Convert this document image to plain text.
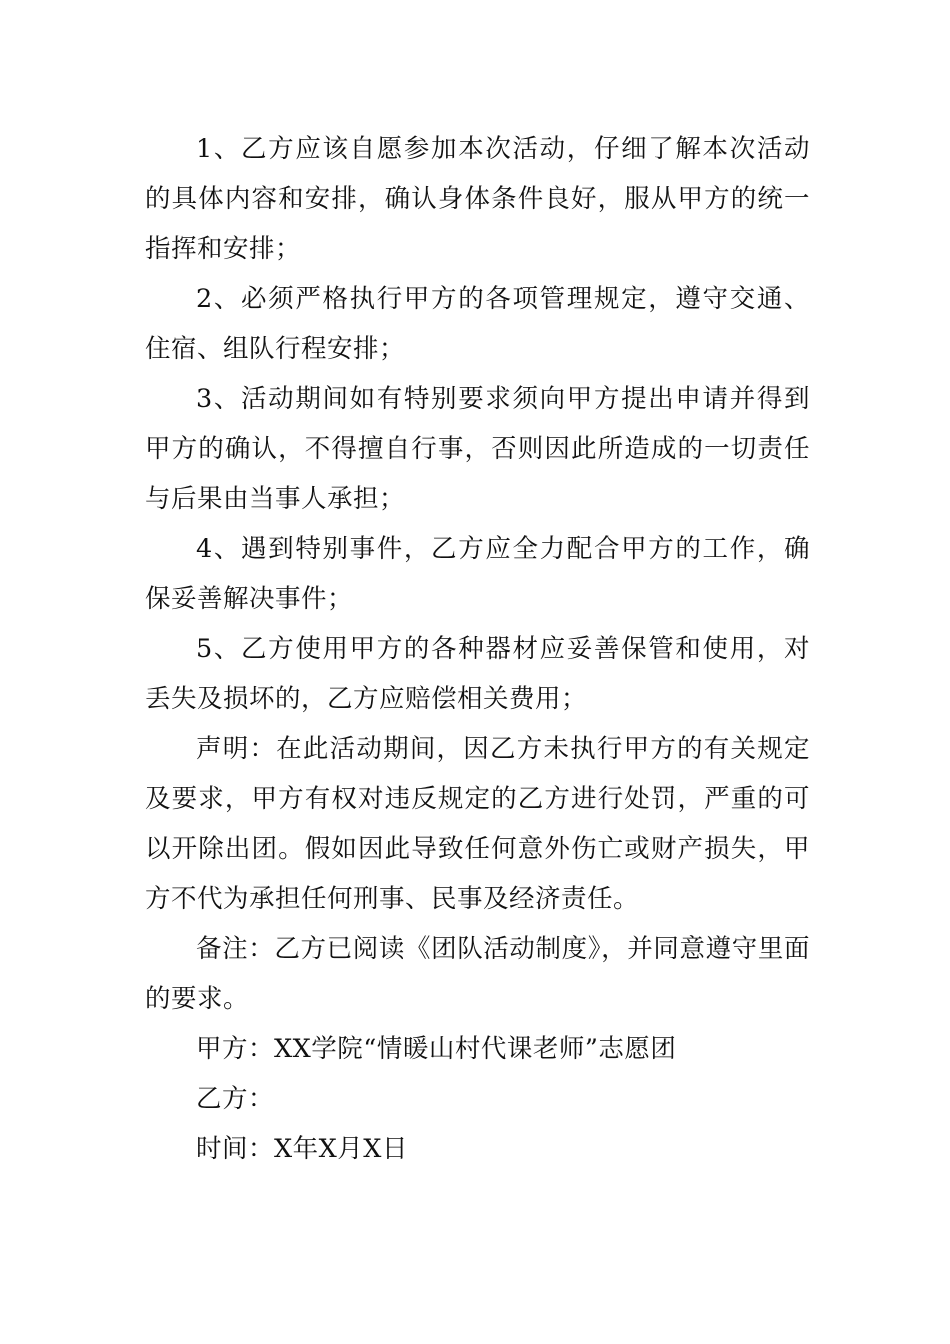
1、乙方应该自愿参加本次活动，仔细了解本次活动的具体内容和安排，确认身体条件良好，服从甲方的统一指挥和安排；

2、必须严格执行甲方的各项管理规定，遵守交通、住宿、组队行程安排；

3、活动期间如有特别要求须向甲方提出申请并得到甲方的确认，不得擅自行事，否则因此所造成的一切责任与后果由当事人承担；

4、遇到特别事件，乙方应全力配合甲方的工作，确保妥善解决事件；

5、乙方使用甲方的各种器材应妥善保管和使用，对丢失及损坏的，乙方应赔偿相关费用；

声明：在此活动期间，因乙方未执行甲方的有关规定及要求，甲方有权对违反规定的乙方进行处罚，严重的可以开除出团。假如因此导致任何意外伤亡或财产损失，甲方不代为承担任何刑事、民事及经济责任。

备注：乙方已阅读《团队活动制度》，并同意遵守里面的要求。

甲方：XX学院“情暖山村代课老师”志愿团

乙方：

时间：X年X月X日
